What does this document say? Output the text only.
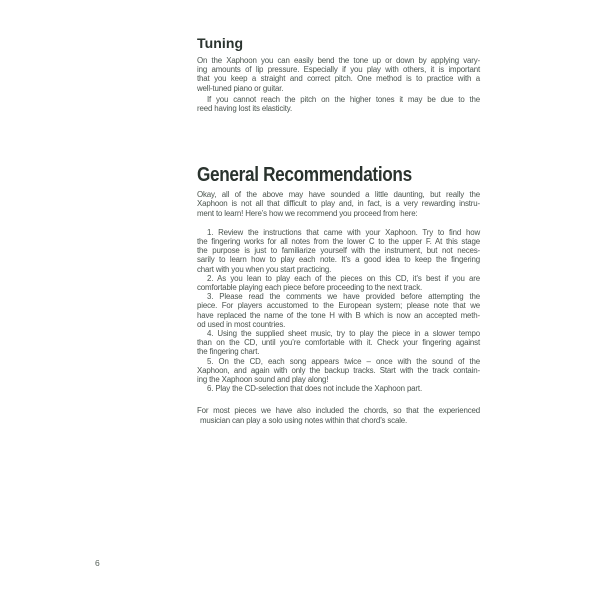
Tuning
On the Xaphoon you can easily bend the tone up or down by applying vary-
ing amounts of lip pressure. Especially if you play with others, it is important
that you keep a straight and correct pitch. One method is to practice with a
well-tuned piano or guitar.
If you cannot reach the pitch on the higher tones it may be due to the
reed having lost its elasticity.
General Recommendations
Okay, all of the above may have sounded a little daunting, but really the
Xaphoon is not all that difficult to play and, in fact, is a very rewarding instru-
ment to learn! Here’s how we recommend you proceed from here:
1. Review the instructions that came with your Xaphoon. Try to find how
the fingering works for all notes from the lower C to the upper F. At this stage
the purpose is just to familiarize yourself with the instrument, but not neces-
sarily to learn how to play each note. It’s a good idea to keep the fingering
chart with you when you start practicing.
2. As you lean to play each of the pieces on this CD, it’s best if you are
comfortable playing each piece before proceeding to the next track.
3. Please read the comments we have provided before attempting the
piece. For players accustomed to the European system; please note that we
have replaced the name of the tone H with B which is now an accepted meth-
od used in most countries.
4. Using the supplied sheet music, try to play the piece in a slower tempo
than on the CD, until you’re comfortable with it. Check your fingering against
the fingering chart.
5. On the CD, each song appears twice – once with the sound of the
Xaphoon, and again with only the backup tracks. Start with the track contain-
ing the Xaphoon sound and play along!
6. Play the CD-selection that does not include the Xaphoon part.
For most pieces we have also included the chords, so that the experienced
musician can play a solo using notes within that chord’s scale.
6
